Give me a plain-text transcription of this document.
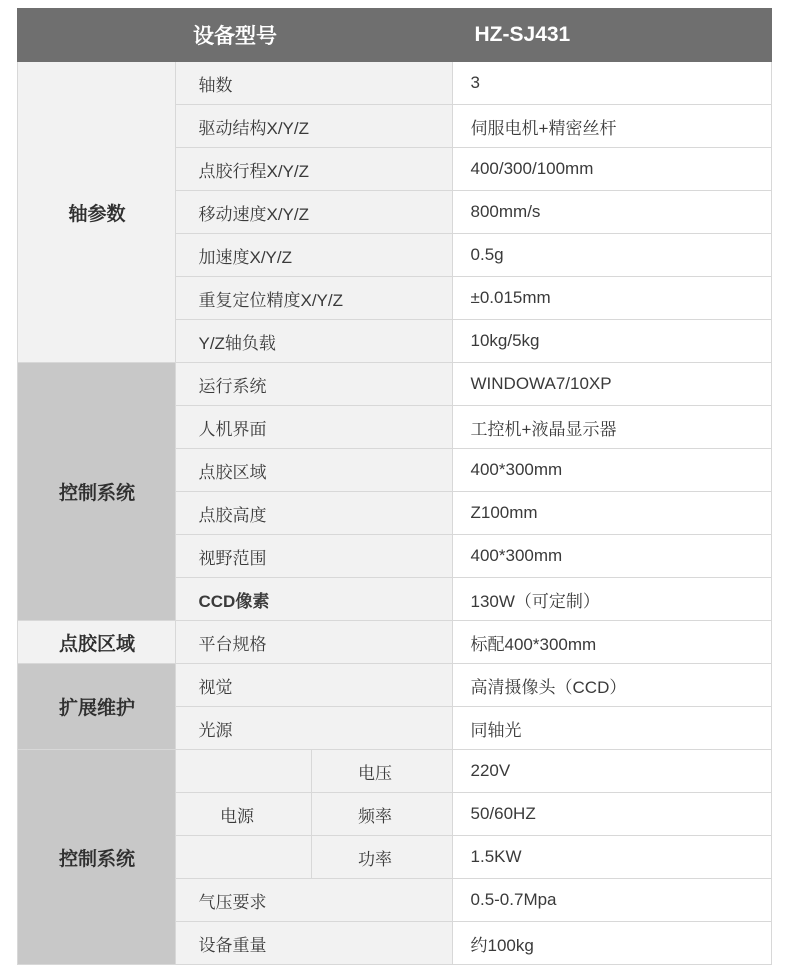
设备型号			HZ-SJ431
轴参数	轴数		3
	驱动结构X/Y/Z		伺服电机+精密丝杆
	点胶行程X/Y/Z		400/300/100mm
	移动速度X/Y/Z		800mm/s
	加速度X/Y/Z		0.5g
	重复定位精度X/Y/Z		±0.015mm
	Y/Z轴负载		10kg/5kg
控制系统	运行系统		WINDOWA7/10XP
	人机界面		工控机+液晶显示器
	点胶区域		400*300mm
	点胶高度		Z100mm
	视野范围		400*300mm
	CCD像素		130W（可定制）
点胶区域	平台规格		标配400*300mm
扩展维护	视觉		高清摄像头（CCD）
	光源		同轴光
控制系统		电压	220V
	电源	频率	50/60HZ
		功率	1.5KW
	气压要求		0.5-0.7Mpa
	设备重量		约100kg
